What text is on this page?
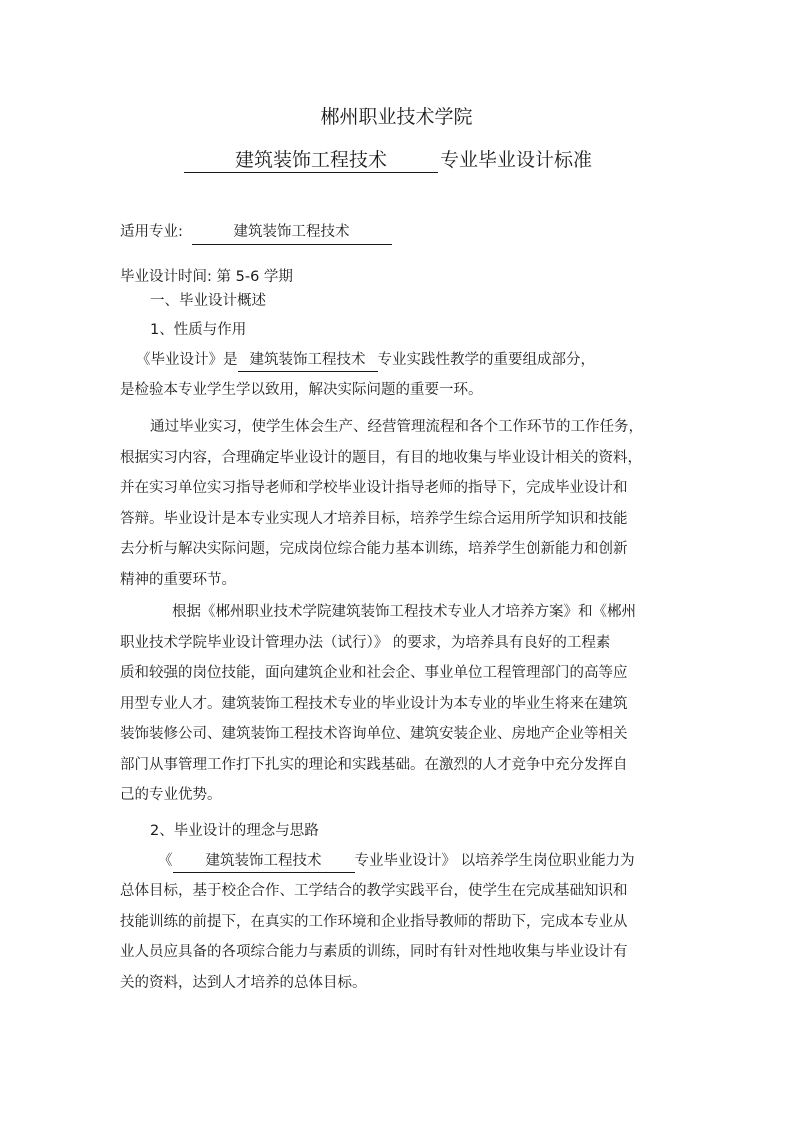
郴州职业技术学院
建筑装饰工程技术	专业毕业设计标准
适用专业:	建筑装饰工程技术
毕业设计时间: 第 5-6 学期
一、毕业设计概述
1、性质与作用
《毕业设计》是 建筑装饰工程技术 专业实践性教学的重要组成部分，
是检验本专业学生学以致用，解决实际问题的重要一环。

通过毕业实习，使学生体会生产、经营管理流程和各个工作环节的工作任务，

根据实习内容，合理确定毕业设计的题目，有目的地收集与毕业设计相关的资料，

并在实习单位实习指导老师和学校毕业设计指导老师的指导下，完成毕业设计和

答辩。毕业设计是本专业实现人才培养目标，培养学生综合运用所学知识和技能

去分析与解决实际问题，完成岗位综合能力基本训练，培养学生创新能力和创新

精神的重要环节。

根据《郴州职业技术学院建筑装饰工程技术专业人才培养方案》和《郴州

职业技术学院毕业设计管理办法（试行）》 的要求，为培养具有良好的工程素

质和较强的岗位技能，面向建筑企业和社会企、事业单位工程管理部门的高等应

用型专业人才。建筑装饰工程技术专业的毕业设计为本专业的毕业生将来在建筑

装饰装修公司、建筑装饰工程技术咨询单位、建筑安装企业、房地产企业等相关

部门从事管理工作打下扎实的理论和实践基础。在激烈的人才竞争中充分发挥自

己的专业优势。

2、毕业设计的理念与思路
《 建筑装饰工程技术 专业毕业设计》 以培养学生岗位职业能力为

总体目标，基于校企合作、工学结合的教学实践平台，使学生在完成基础知识和

技能训练的前提下，在真实的工作环境和企业指导教师的帮助下，完成本专业从

业人员应具备的各项综合能力与素质的训练，同时有针对性地收集与毕业设计有

关的资料，达到人才培养的总体目标。
